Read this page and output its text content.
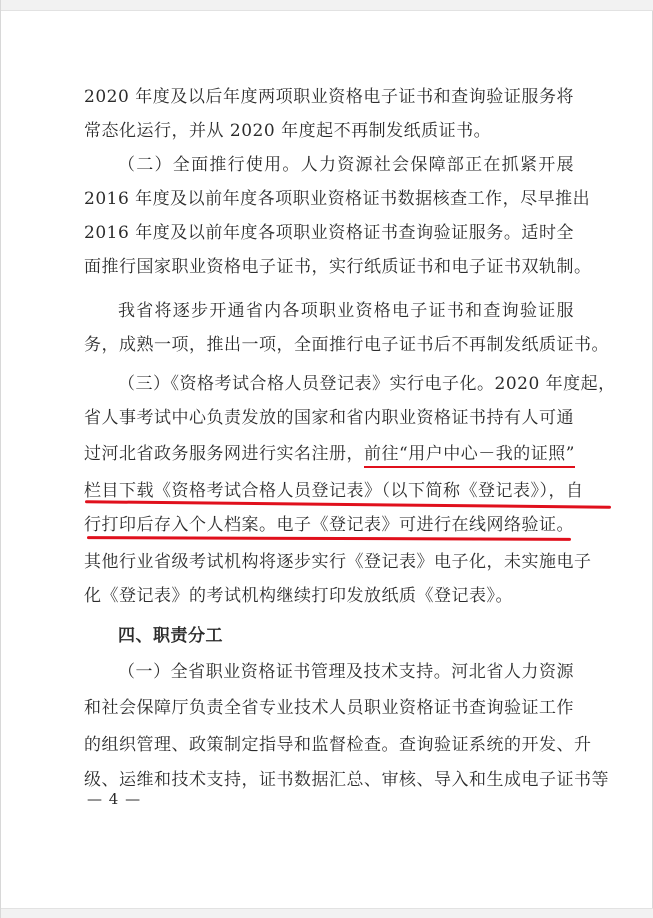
2020 年度及以后年度两项职业资格电子证书和查询验证服务将
常态化运行，并从 2020 年度起不再制发纸质证书。
（二）全面推行使用。人力资源社会保障部正在抓紧开展
2016 年度及以前年度各项职业资格证书数据核查工作，尽早推出
2016 年度及以前年度各项职业资格证书查询验证服务。适时全
面推行国家职业资格电子证书，实行纸质证书和电子证书双轨制。
我省将逐步开通省内各项职业资格电子证书和查询验证服
务，成熟一项，推出一项，全面推行电子证书后不再制发纸质证书。
（三）《资格考试合格人员登记表》实行电子化。2020 年度起，
省人事考试中心负责发放的国家和省内职业资格证书持有人可通
过河北省政务服务网进行实名注册，前往“用户中心－我的证照”
栏目下载《资格考试合格人员登记表》（以下简称《登记表》），自
行打印后存入个人档案。电子《登记表》可进行在线网络验证。
其他行业省级考试机构将逐步实行《登记表》电子化，未实施电子
化《登记表》的考试机构继续打印发放纸质《登记表》。
四、职责分工
（一）全省职业资格证书管理及技术支持。河北省人力资源
和社会保障厅负责全省专业技术人员职业资格证书查询验证工作
的组织管理、政策制定指导和监督检查。查询验证系统的开发、升
级、运维和技术支持，证书数据汇总、审核、导入和生成电子证书等
— 4 —
